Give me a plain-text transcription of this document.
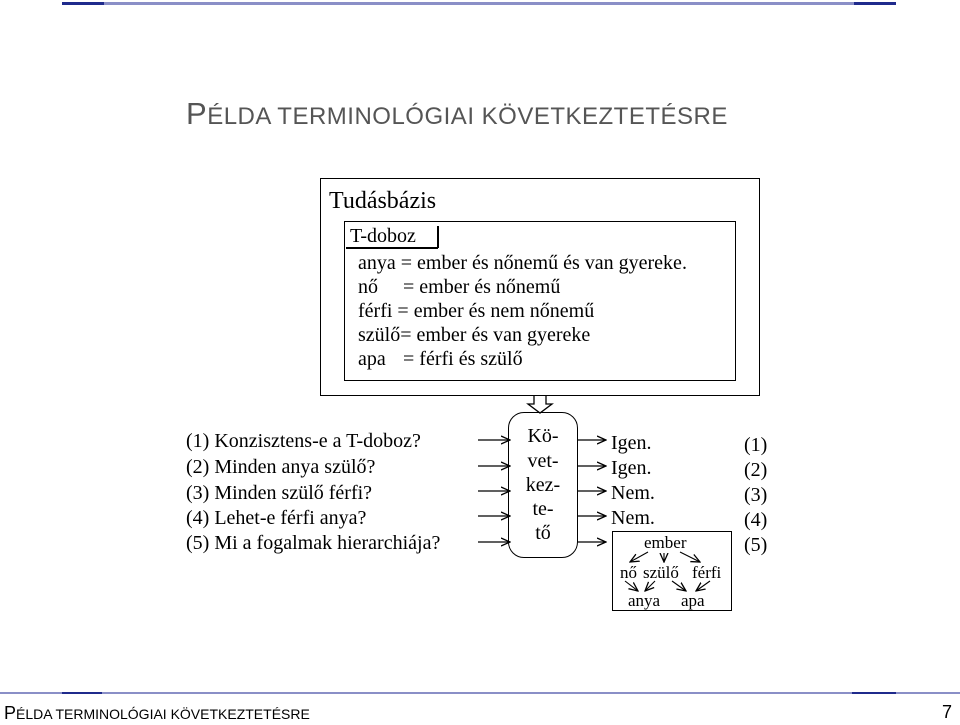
PÉLDA TERMINOLÓGIAI KÖVETKEZTETÉSRE
Tudásbázis
T-doboz
anya = ember és nőnemű és van gyereke.
nő = ember és nőnemű
férfi = ember és nem nőnemű
szülő= ember és van gyereke
apa = férfi és szülő
(1) Konzisztens-e a T-doboz?
(2) Minden anya szülő?
(3) Minden szülő férfi?
(4) Lehet-e férfi anya?
(5) Mi a fogalmak hierarchiája?
Kö-
vet-
kez-
te-
tő
Igen.
Igen.
Nem.
Nem.
(1)
(2)
(3)
(4)
(5)
ember
nő szülő férfi
anya apa
PÉLDA TERMINOLÓGIAI KÖVETKEZTETÉSRE	7
